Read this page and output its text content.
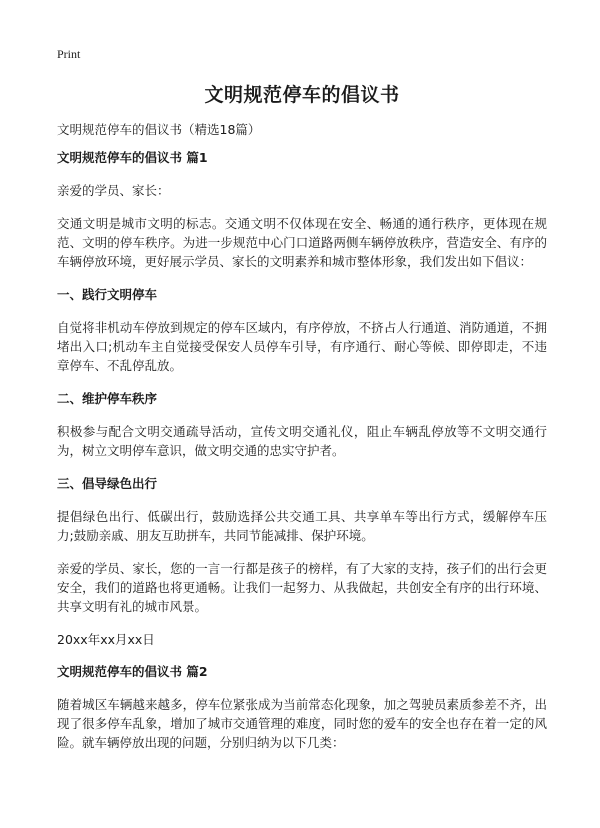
Print
文明规范停车的倡议书
文明规范停车的倡议书（精选18篇）
文明规范停车的倡议书 篇1
亲爱的学员、家长：
交通文明是城市文明的标志。交通文明不仅体现在安全、畅通的通行秩序，更体现在规范、文明的停车秩序。为进一步规范中心门口道路两侧车辆停放秩序，营造安全、有序的车辆停放环境，更好展示学员、家长的文明素养和城市整体形象，我们发出如下倡议：
一、践行文明停车
自觉将非机动车停放到规定的停车区域内，有序停放，不挤占人行通道、消防通道，不拥堵出入口;机动车主自觉接受保安人员停车引导，有序通行、耐心等候、即停即走，不违章停车、不乱停乱放。
二、维护停车秩序
积极参与配合文明交通疏导活动，宣传文明交通礼仪，阻止车辆乱停放等不文明交通行为，树立文明停车意识，做文明交通的忠实守护者。
三、倡导绿色出行
提倡绿色出行、低碳出行，鼓励选择公共交通工具、共享单车等出行方式，缓解停车压力;鼓励亲戚、朋友互助拼车，共同节能减排、保护环境。
亲爱的学员、家长，您的一言一行都是孩子的榜样，有了大家的支持，孩子们的出行会更安全，我们的道路也将更通畅。让我们一起努力、从我做起，共创安全有序的出行环境、共享文明有礼的城市风景。
20xx年xx月xx日
文明规范停车的倡议书 篇2
随着城区车辆越来越多，停车位紧张成为当前常态化现象，加之驾驶员素质参差不齐，出现了很多停车乱象，增加了城市交通管理的难度，同时您的爱车的安全也存在着一定的风险。就车辆停放出现的问题，分别归纳为以下几类：
